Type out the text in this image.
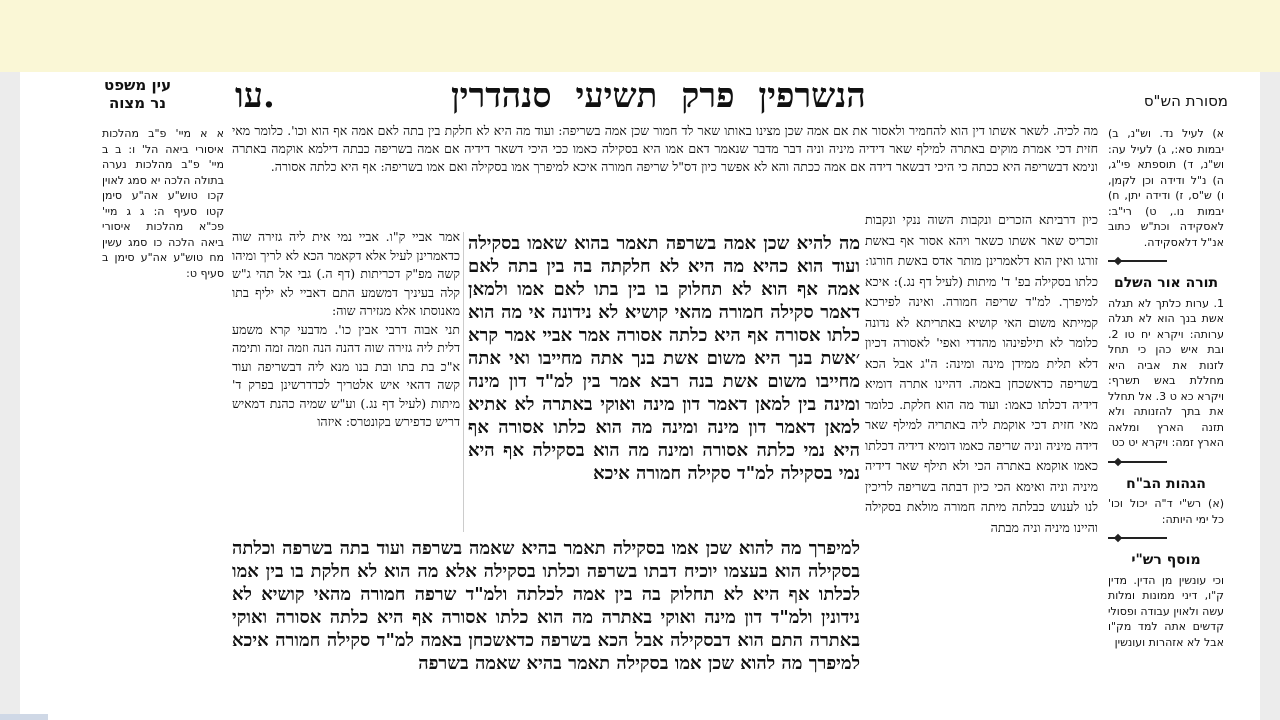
הנשרפין פרק תשיעי סנהדרין
עו.	מסורת הש"ס
עין משפט
נר מצוה
מה לכיה. לשאר אשתו דין הוא להחמיר ולאסור את אם אמה שכן מצינו באותו שאר לד חמור שכן אמה בשריפה: ועוד מה היא לא חלקת בין בתה לאם אמה אף הוא וכו'. כלומר מאי חזית דכי אמרת מוקים באתרה למילף שאר דידיה מיניה וניה דבר מדבר שנאמר דאם אמו היא בסקילה כאמו ככי היכי דשאר דידיה אם אמה בשריפה כבתה דילמא אוקמה באתרה ונימא דבשריפה היא ככתה כי היכי דבשאר דידה אם אמה ככתה והא לא אפשר כיון דס"ל שריפה חמורה איכא למיפרך אמו בסקילה ואם אמו בשריפה: אף היא כלתה אסורה.
כיון דרביתא הזכרים ונקבות השוה ננקי ונקבות זוכריס שאר אשתו כשאר ויהא אסור אף באשת זורגו ואין הוא דלאמרינן מותר אדס באשת חורגו: כלתו בסקילה בפ' ד' מיתות (לעיל דף נג.): איכא למיפרך. למ"ד שריפה חמורה. ואינה לפירכא קמייתא משום האי קושיא באתריתא לא נדונה כלומר לא תילפינהו מהדדי ואפי' לאסורה דכיון דלא תלית ממידן מינה ומינה: ה"ג אבל הכא בשריפה כדאשכחן באמה. דהיינו אתרה דומיא דידיה דכלתו כאמו: ועוד מה הוא חלקת. כלומר מאי חזית דכי אוקמת ליה באתריה למילף שאר דידה מיניה וניה שריפה כאמו דומיא דידיה דכלתו כאמו אוקמא באתרה הכי ולא תילף שאר דידיה מיניה וניה ואימא הכי כיון דבתה בשריפה לריכין לנו לענוש כבלתה מיתה חמורה מולאת בסקילה והיינו מיניה וניה מבתה
מה להיא שכן אמה בשרפה תאמר בהוא שאמו בסקילה ועוד הוא כהיא מה היא לא חלקתה בה בין בתה לאם אמה אף הוא לא תחלוק בו בין בתו לאם אמו ולמאן דאמר סקילה חמורה מהאי קושיא לא נידונה אי מה הוא כלתו אסורה אף היא כלתה אסורה אמר אביי אמר קרא ׳אשת בנך היא משום אשת בנך אתה מחייבו ואי אתה מחייבו משום אשת בנה רבא אמר בין למ"ד דון מינה ומינה בין למאן דאמר דון מינה ואוקי באתרה לא אתיא למאן דאמר דון מינה ומינה מה הוא כלתו אסורה אף היא נמי כלתה אסורה ומינה מה הוא בסקילה אף היא נמי בסקילה למ"ד סקילה חמורה איכא
אמר אביי ק"ו. אביי נמי אית ליה גזירה שוה כדאמרינן לעיל אלא דקאמר הכא לא לריך ומיהו קשה מפ"ק דכריתות (דף ה.) גבי אל תהי ג"ש קלה בעיניך דמשמע התם דאביי לא יליף בתו מאנוסתו אלא מגזירה שוה:
תני אבוה דרבי אבין כו'. מדבעי קרא משמע דלית ליה גזירה שוה דהנה הנה וזמה זמה ותימה א"כ בת בתו ובת בנו מנא ליה דבשריפה ועוד קשה דהאי איש אלטריך לכדדרשינן בפרק ד' מיתות (לעיל דף נג.) וע"ש שמיה כהנת דמאיש דריש כדפירש בקונטרס: איזהו
למיפרך מה להוא שכן אמו בסקילה תאמר בהיא שאמה בשרפה ועוד בתה בשרפה וכלתה בסקילה הוא בעצמו יוכיח דבתו בשרפה וכלתו בסקילה אלא מה הוא לא חלקת בו בין אמו לכלתו אף היא לא תחלוק בה בין אמה לכלתה ולמ"ד שרפה חמורה מהאי קושיא לא נידונין ולמ"ד דון מינה ואוקי באתרה מה הוא כלתו אסורה אף היא כלתה אסורה ואוקי באתרה התם הוא דבסקילה אבל הכא בשרפה כדאשכחן באמה למ"ד סקילה חמורה איכא למיפרך מה להוא שכן אמו בסקילה תאמר בהיא שאמה בשרפה
א א מיי' פ"ב מהלכות איסורי ביאה הל' ו: ב ב מיי' פ"ב מהלכות נערה בתולה הלכה יא סמג לאוין קכו טוש"ע אה"ע סימן קטו סעיף ה: ג ג מיי' פכ"א מהלכות איסורי ביאה הלכה כו סמג עשין מח טוש"ע אה"ע סימן ב סעיף ט:
א) לעיל נד. וש"נ, ב) יבמות סא:, ג) לעיל עה: וש"נ, ד) תוספתא פי"ג, ה) נ"ל ודידה וכן לקמן, ו) ש"ס, ז) ודידה יתן, ח) יבמות נו., ט) רי"ב: לאסקידה וכת"ש כתוב אנ"ל דלאסקידה.
תורה אור השלם
1. ערות כלתך לא תגלה אשת בנך הוא לא תגלה ערותה: ויקרא יח טו 2. ובת איש כהן כי תחל לזנות את אביה היא מחללת באש תשרף: ויקרא כא ט 3. אל תחלל את בתך להזנותה ולא תזנה הארץ ומלאה הארץ זמה: ויקרא יט כט
הגהות הב"ח
(א) רש"י ד"ה יכול וכו' כל ימי היותה:
מוסף רש"י
וכי עונשין מן הדין. מדין ק"ו, דיני ממונות ומלות עשה ולאוין עבודה ופסולי קדשים אתה למד מק"ו אבל לא אזהרות ועונשין
